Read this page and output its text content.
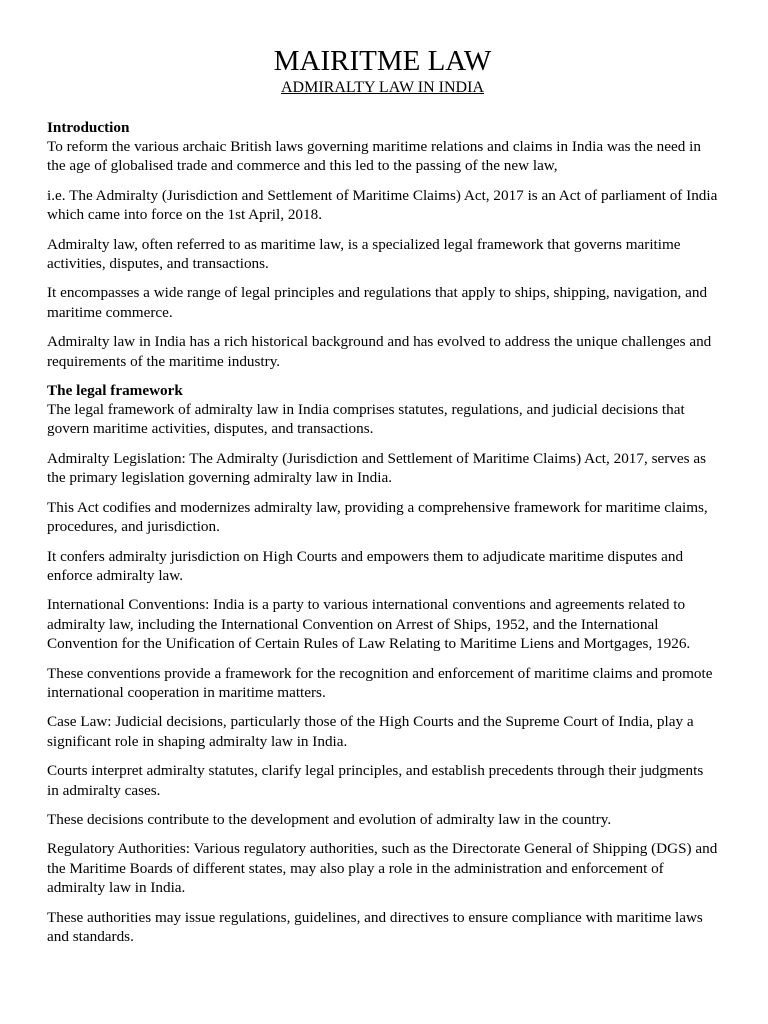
MAIRITME LAW
ADMIRALTY LAW IN INDIA

Introduction

To reform the various archaic British laws governing maritime relations and claims in India was the need in the age of globalised trade and commerce and this led to the passing of the new law,

i.e. The Admiralty (Jurisdiction and Settlement of Maritime Claims) Act, 2017 is an Act of parliament of India which came into force on the 1st April, 2018.

Admiralty law, often referred to as maritime law, is a specialized legal framework that governs maritime activities, disputes, and transactions.

It encompasses a wide range of legal principles and regulations that apply to ships, shipping, navigation, and maritime commerce.

Admiralty law in India has a rich historical background and has evolved to address the unique challenges and requirements of the maritime industry.

The legal framework

The legal framework of admiralty law in India comprises statutes, regulations, and judicial decisions that govern maritime activities, disputes, and transactions.

Admiralty Legislation: The Admiralty (Jurisdiction and Settlement of Maritime Claims) Act, 2017, serves as the primary legislation governing admiralty law in India.

This Act codifies and modernizes admiralty law, providing a comprehensive framework for maritime claims, procedures, and jurisdiction.

It confers admiralty jurisdiction on High Courts and empowers them to adjudicate maritime disputes and enforce admiralty law.

International Conventions: India is a party to various international conventions and agreements related to admiralty law, including the International Convention on Arrest of Ships, 1952, and the International Convention for the Unification of Certain Rules of Law Relating to Maritime Liens and Mortgages, 1926.

These conventions provide a framework for the recognition and enforcement of maritime claims and promote international cooperation in maritime matters.

Case Law: Judicial decisions, particularly those of the High Courts and the Supreme Court of India, play a significant role in shaping admiralty law in India.

Courts interpret admiralty statutes, clarify legal principles, and establish precedents through their judgments in admiralty cases.

These decisions contribute to the development and evolution of admiralty law in the country.

Regulatory Authorities: Various regulatory authorities, such as the Directorate General of Shipping (DGS) and the Maritime Boards of different states, may also play a role in the administration and enforcement of admiralty law in India.

These authorities may issue regulations, guidelines, and directives to ensure compliance with maritime laws and standards.
